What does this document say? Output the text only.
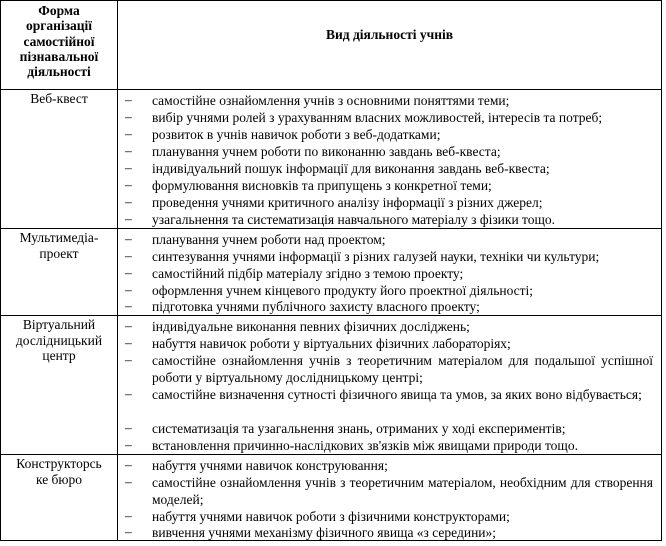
Форма
організації
самостійної
пізнавальної
діяльності
Вид діяльності учнів
Веб-квест	– самостійне ознайомлення учнів з основними поняттями теми;
– вибір учнями ролей з урахуванням власних можливостей, інтересів та потреб;
– розвиток в учнів навичок роботи з веб-додатками;
– планування учнем роботи по виконанню завдань веб-квеста;
– індивідуальний пошук інформації для виконання завдань веб-квеста;
– формулювання висновків та припущень з конкретної теми;
– проведення учнями критичного аналізу інформації з різних джерел;
– узагальнення та систематизація навчального матеріалу з фізики тощо.
Мультимедіа-
проект
– планування учнем роботи над проектом;
– синтезування учнями інформації з різних галузей науки, техніки чи культури;
– самостійний підбір матеріалу згідно з темою проекту;
– оформлення учнем кінцевого продукту його проектної діяльності;
– підготовка учнями публічного захисту власного проекту;
Віртуальний
дослідницький
центр
– індивідуальне виконання певних фізичних досліджень;
– набуття навичок роботи у віртуальних фізичних лабораторіях;
– самостійне ознайомлення учнів з теоретичним матеріалом для подальшої успішної роботи у віртуальному дослідницькому центрі;
– самостійне визначення сутності фізичного явища та умов, за яких воно відбувається;
– систематизація та узагальнення знань, отриманих у ході експериментів;
– встановлення причинно-наслідкових зв'язків між явищами природи тощо.
Конструкторсь
ке бюро
– набуття учнями навичок конструювання;
– самостійне ознайомлення учнів з теоретичним матеріалом, необхідним для створення моделей;
– набуття учнями навичок роботи з фізичними конструкторами;
– вивчення учнями механізму фізичного явища «з середини»;
